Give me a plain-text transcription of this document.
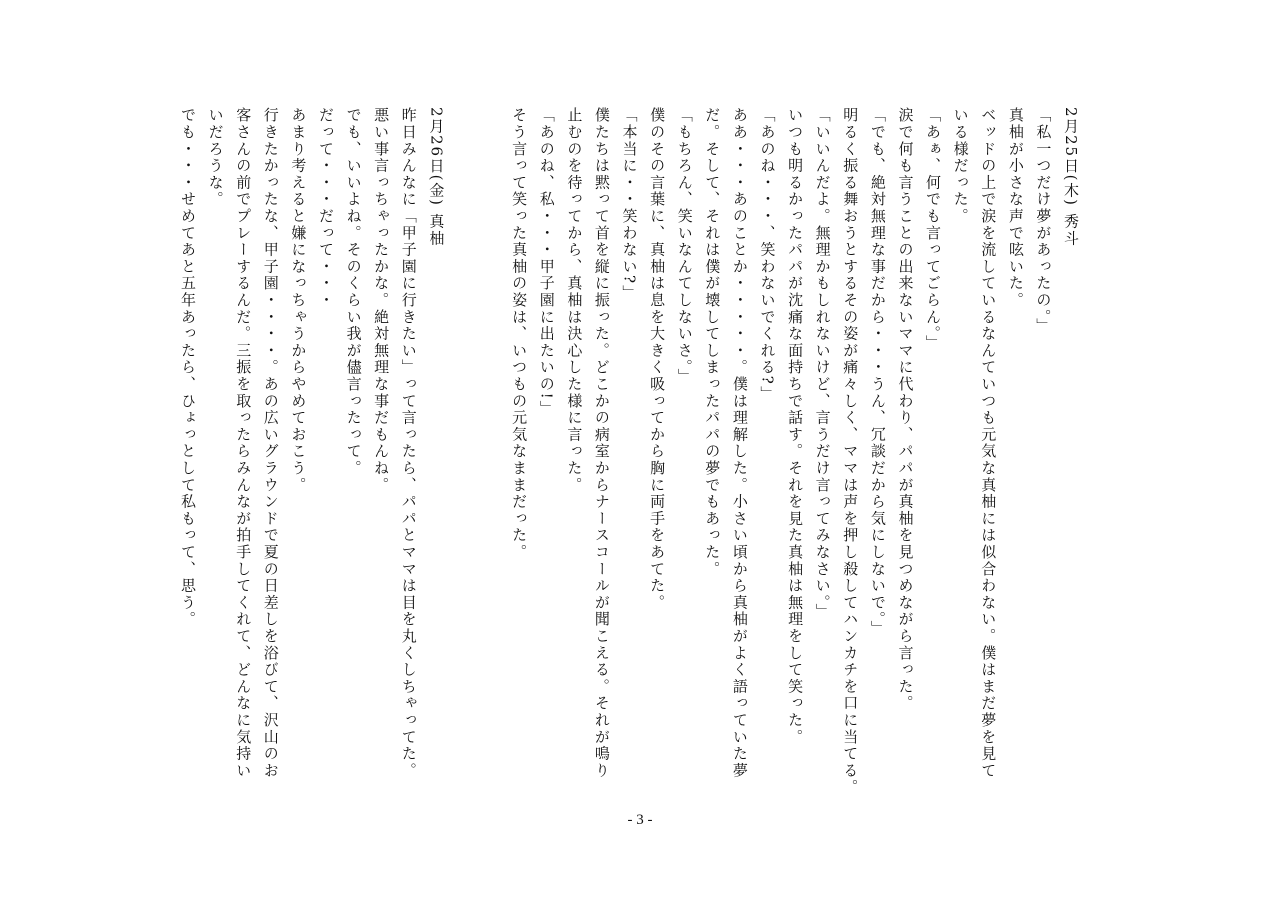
2月25日(木) 秀斗
「私一つだけ夢があったの。」
真柚が小さな声で呟いた。
ベッドの上で涙を流しているなんていつも元気な真柚には似合わない。僕はまだ夢を見て
いる様だった。
「あぁ、何でも言ってごらん。」
涙で何も言うことの出来ないママに代わり、パパが真柚を見つめながら言った。
「でも、絶対無理な事だから・・・うん、冗談だから気にしないで。」
明るく振る舞おうとするその姿が痛々しく、ママは声を押し殺してハンカチを口に当てる。
「いいんだよ。無理かもしれないけど、言うだけ言ってみなさい。」
いつも明るかったパパが沈痛な面持ちで話す。それを見た真柚は無理をして笑った。
「あのね・・・、笑わないでくれる?」
ああ・・・あのことか・・・・・。僕は理解した。小さい頃から真柚がよく語っていた夢
だ。そして、それは僕が壊してしまったパパの夢でもあった。
「もちろん、笑いなんてしないさ。」
僕のその言葉に、真柚は息を大きく吸ってから胸に両手をあてた。
「本当に・・笑わない?」
僕たちは黙って首を縦に振った。どこかの病室からナースコールが聞こえる。それが鳴り
止むのを待ってから、真柚は決心した様に言った。
「あのね、私・・・甲子園に出たいの!」
そう言って笑った真柚の姿は、いつもの元気なままだった。
2月26日(金) 真柚
昨日みんなに「甲子園に行きたい」って言ったら、パパとママは目を丸くしちゃってた。
悪い事言っちゃったかな。絶対無理な事だもんね。
でも、いいよね。そのくらい我が儘言ったって。
だって・・・だって・・・
あまり考えると嫌になっちゃうからやめておこう。
行きたかったな、甲子園・・・・。あの広いグラウンドで夏の日差しを浴びて、沢山のお
客さんの前でプレーするんだ。三振を取ったらみんなが拍手してくれて、どんなに気持い
いだろうな。
でも・・・せめてあと五年あったら、ひょっとして私もって、思う。
- 3 -
